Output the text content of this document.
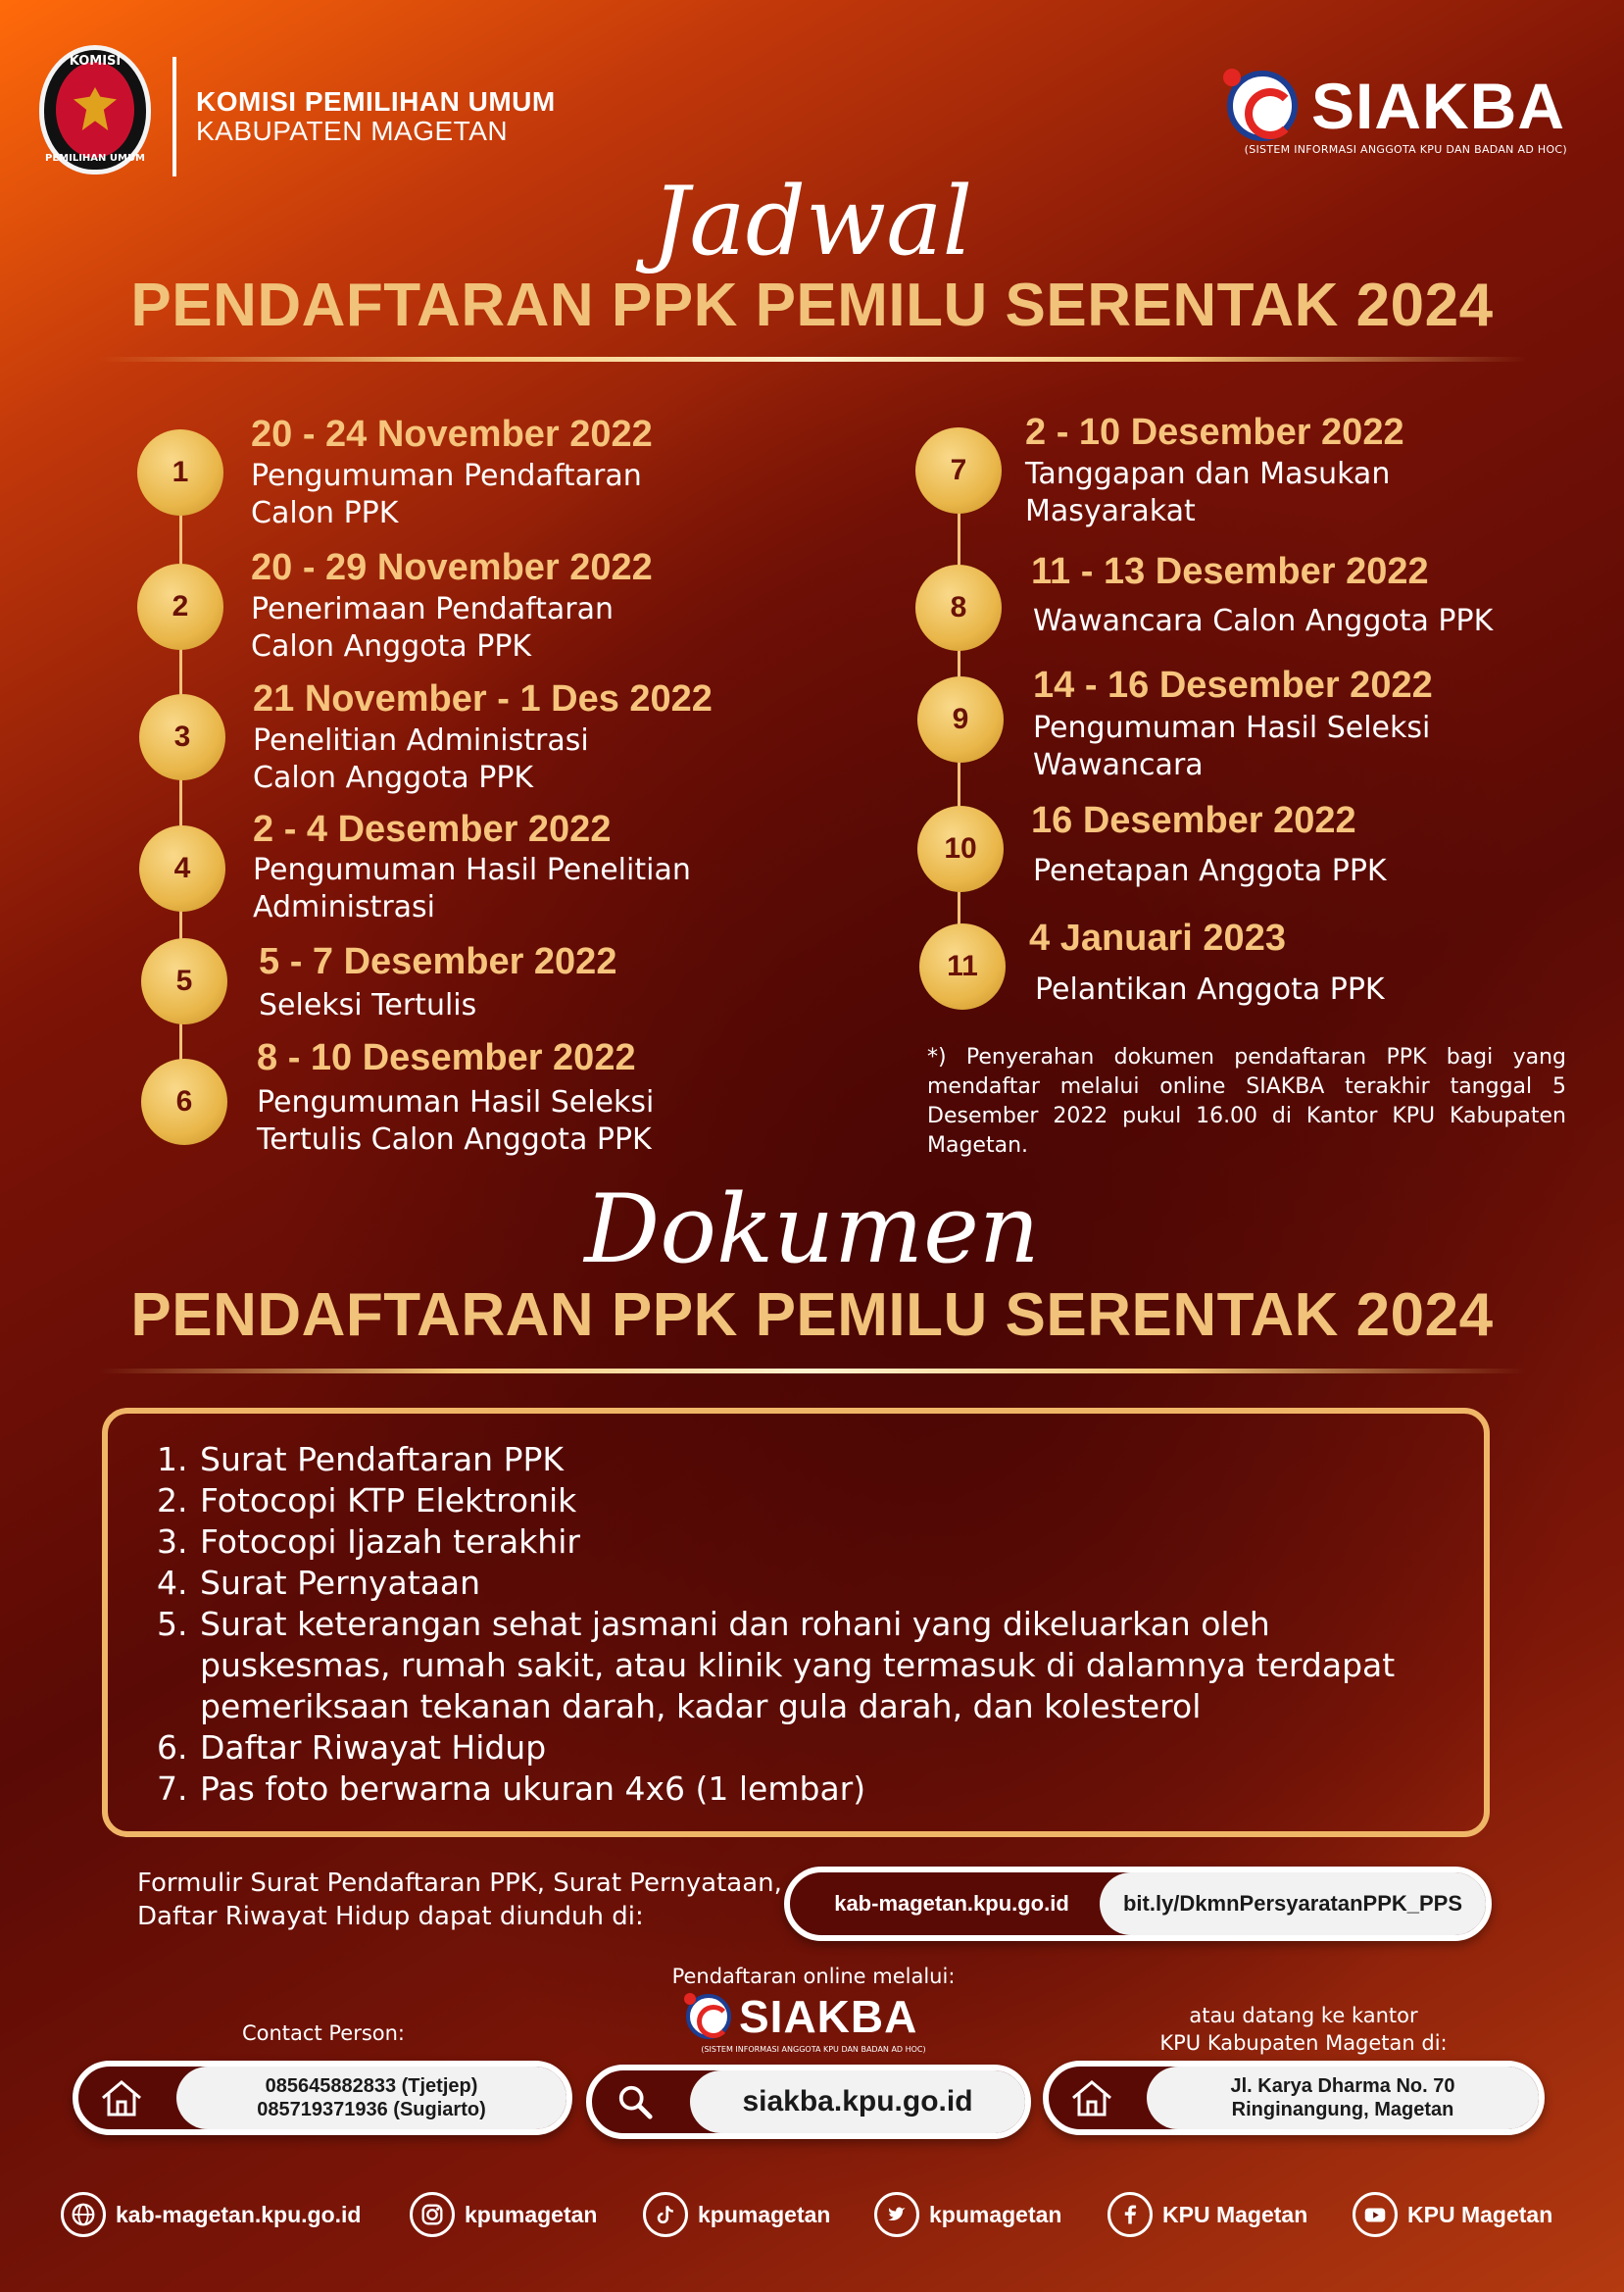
KOMISI
PEMILIHAN UMUM
KOMISI PEMILIHAN UMUM
KABUPATEN MAGETAN	SIAKBA
(SISTEM INFORMASI ANGGOTA KPU DAN BADAN AD HOC)
Jadwal
PENDAFTARAN PPK PEMILU SERENTAK 2024
1
20 - 24 November 2022
Pengumuman Pendaftaran
Calon PPK
2
20 - 29 November 2022
Penerimaan Pendaftaran
Calon Anggota PPK
3
21 November - 1 Des 2022
Penelitian Administrasi
Calon Anggota PPK
4
2 - 4 Desember 2022
Pengumuman Hasil Penelitian
Administrasi
5	5 - 7 Desember 2022
Seleksi Tertulis
6
8 - 10 Desember 2022
Pengumuman Hasil Seleksi
Tertulis Calon Anggota PPK
7
2 - 10 Desember 2022
Tanggapan dan Masukan
Masyarakat
8
11 - 13 Desember 2022
Wawancara Calon Anggota PPK
9
14 - 16 Desember 2022
Pengumuman Hasil Seleksi
Wawancara
10
16 Desember 2022
Penetapan Anggota PPK
11
4 Januari 2023
Pelantikan Anggota PPK
*) Penyerahan dokumen pendaftaran PPK bagi yang mendaftar melalui online SIAKBA terakhir tanggal 5 Desember 2022 pukul 16.00 di Kantor KPU Kabupaten Magetan.
Dokumen
PENDAFTARAN PPK PEMILU SERENTAK 2024
1. Surat Pendaftaran PPK
2. Fotocopi KTP Elektronik
3. Fotocopi Ijazah terakhir
4. Surat Pernyataan
5. Surat keterangan sehat jasmani dan rohani yang dikeluarkan oleh puskesmas, rumah sakit, atau klinik yang termasuk di dalamnya terdapat pemeriksaan tekanan darah, kadar gula darah, dan kolesterol
6. Daftar Riwayat Hidup
7. Pas foto berwarna ukuran 4x6 (1 lembar)
Formulir Surat Pendaftaran PPK, Surat Pernyataan,
Daftar Riwayat Hidup dapat diunduh di:	kab-magetan.kpu.go.id	bit.ly/DkmnPersyaratanPPK_PPS
Contact Person:
Pendaftaran online melalui:
SIAKBA
(SISTEM INFORMASI ANGGOTA KPU DAN BADAN AD HOC)
atau datang ke kantor
KPU Kabupaten Magetan di:
085645882833 (Tjetjep)
085719371936 (Sugiarto)	siakba.kpu.go.id	Jl. Karya Dharma No. 70
Ringinangung, Magetan
kab-magetan.kpu.go.id	kpumagetan	kpumagetan	kpumagetan	KPU Magetan	KPU Magetan
